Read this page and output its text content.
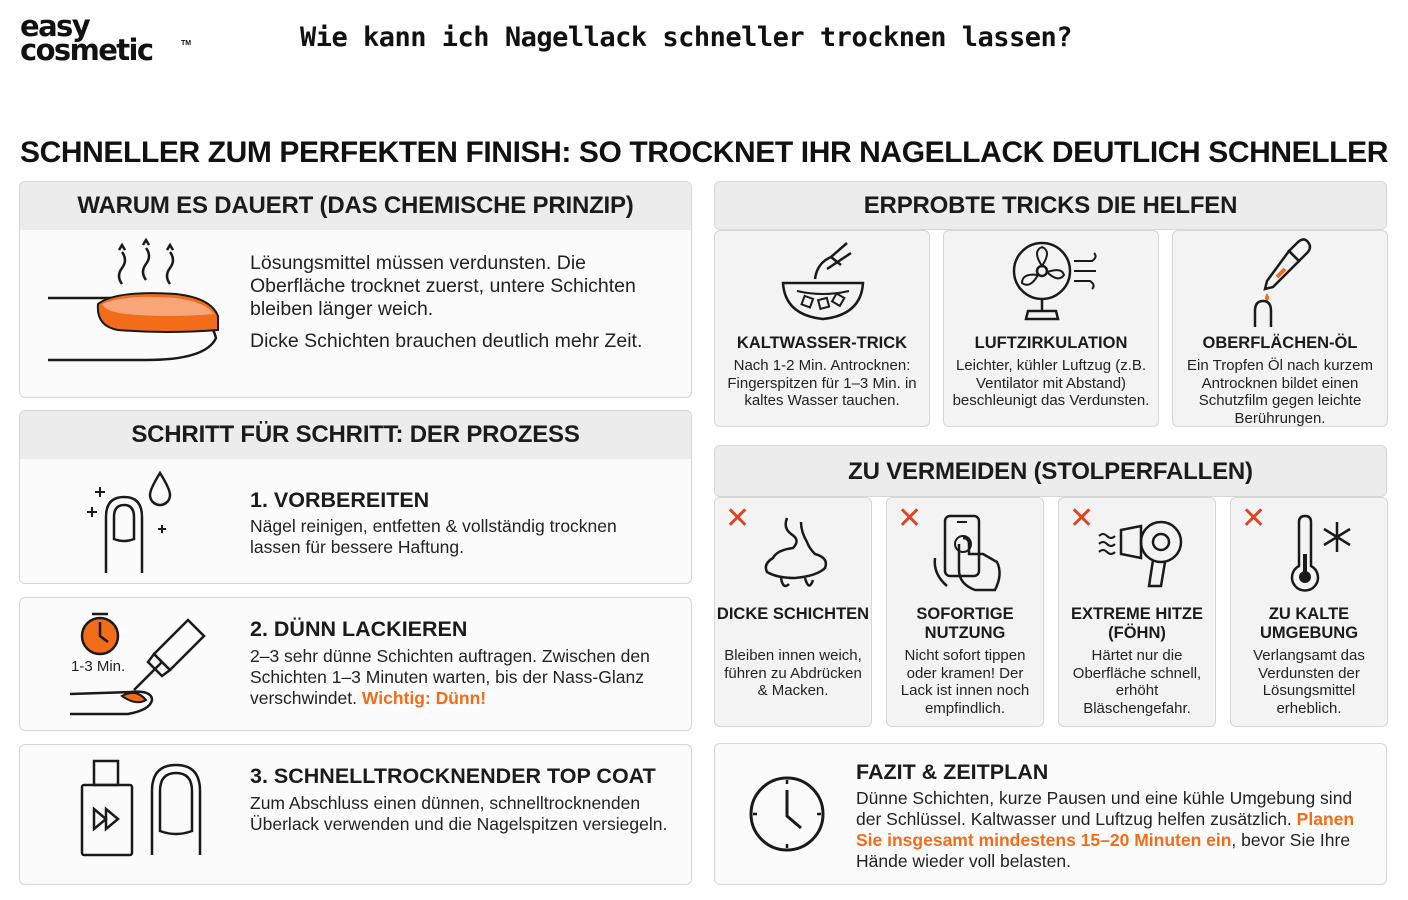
easy
cosmetic	TM	Wie kann ich Nagellack schneller trocknen lassen?
SCHNELLER ZUM PERFEKTEN FINISH: SO TROCKNET IHR NAGELLACK DEUTLICH SCHNELLER
WARUM ES DAUERT (DAS CHEMISCHE PRINZIP)
Lösungsmittel müssen verdunsten. Die Oberfläche trocknet zuerst, untere Schichten bleiben länger weich.
Dicke Schichten brauchen deutlich mehr Zeit.
SCHRITT FÜR SCHRITT: DER PROZESS
1. VORBEREITEN
Nägel reinigen, entfetten & vollständig trocknen lassen für bessere Haftung.
1-3 Min.
2. DÜNN LACKIEREN
2–3 sehr dünne Schichten auftragen. Zwischen den Schichten 1–3 Minuten warten, bis der Nass-Glanz verschwindet. Wichtig: Dünn!
3. SCHNELLTROCKNENDER TOP COAT
Zum Abschluss einen dünnen, schnelltrocknenden Überlack verwenden und die Nagelspitzen versiegeln.
ERPROBTE TRICKS DIE HELFEN
KALTWASSER-TRICK
Nach 1-2 Min. Antrocknen: Fingerspitzen für 1–3 Min. in kaltes Wasser tauchen.
LUFTZIRKULATION
Leichter, kühler Luftzug (z.B. Ventilator mit Abstand) beschleunigt das Verdunsten.
OBERFLÄCHEN-ÖL
Ein Tropfen Öl nach kurzem Antrocknen bildet einen Schutzfilm gegen leichte Berührungen.
ZU VERMEIDEN (STOLPERFALLEN)
✕
DICKE SCHICHTEN
Bleiben innen weich, führen zu Abdrücken & Macken.
✕
SOFORTIGE NUTZUNG
Nicht sofort tippen oder kramen! Der Lack ist innen noch empfindlich.
✕
EXTREME HITZE (FÖHN)
Härtet nur die Oberfläche schnell, erhöht Bläschengefahr.
✕
ZU KALTE UMGEBUNG
Verlangsamt das Verdunsten der Lösungsmittel erheblich.
FAZIT & ZEITPLAN
Dünne Schichten, kurze Pausen und eine kühle Umgebung sind der Schlüssel. Kaltwasser und Luftzug helfen zusätzlich. Planen Sie insgesamt mindestens 15–20 Minuten ein, bevor Sie Ihre Hände wieder voll belasten.
